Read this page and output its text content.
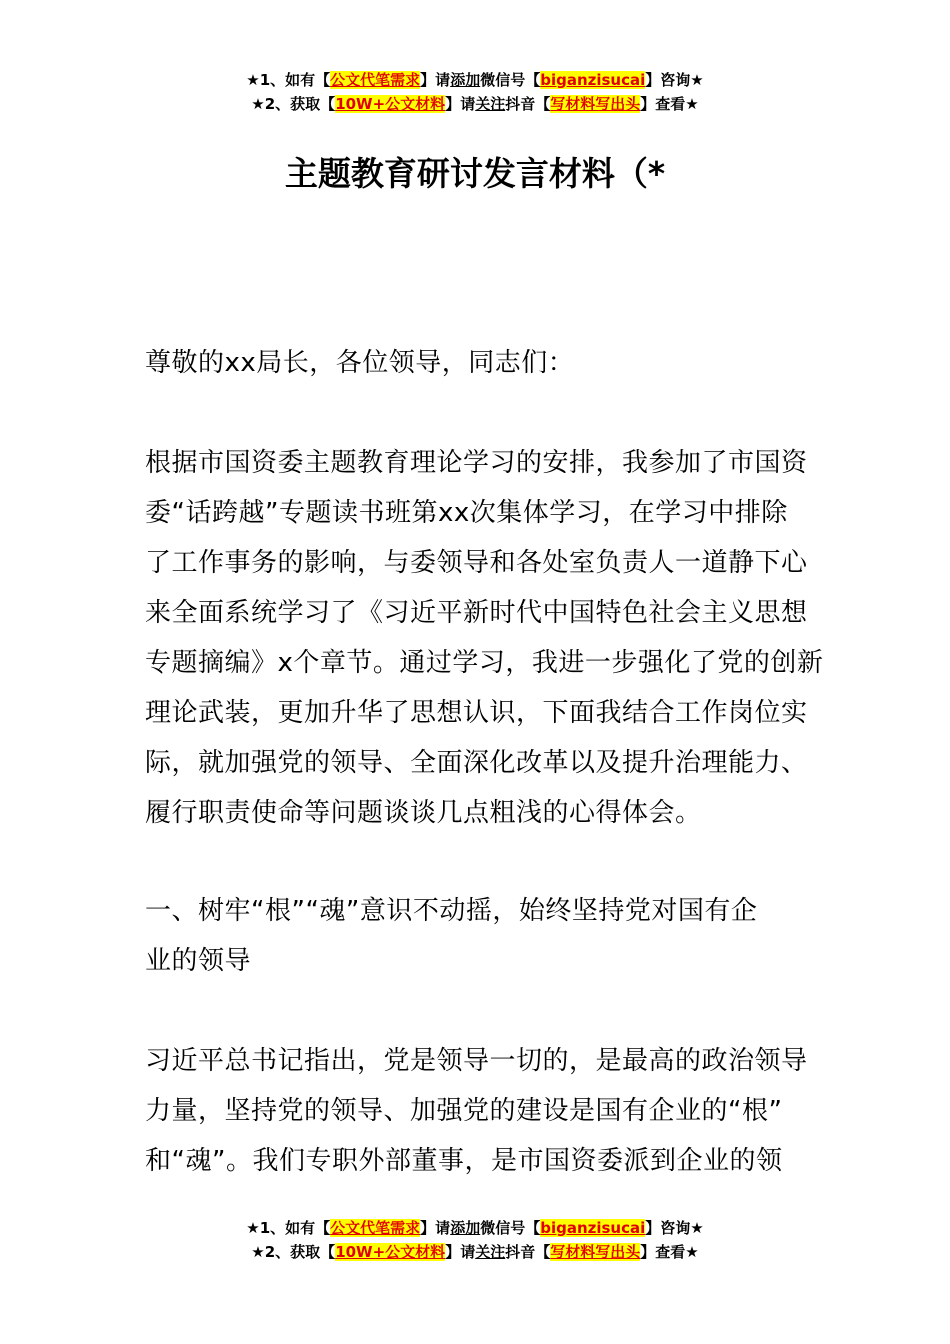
★1、如有【公文代笔需求】请添加微信号【biganzisucai】咨询★
★2、获取【10W+公文材料】请关注抖音【写材料写出头】查看★
主题教育研讨发言材料（*
尊敬的xx局长，各位领导，同志们：
根据市国资委主题教育理论学习的安排，我参加了市国资
委“话跨越”专题读书班第xx次集体学习，在学习中排除
了工作事务的影响，与委领导和各处室负责人一道静下心
来全面系统学习了《习近平新时代中国特色社会主义思想
专题摘编》x个章节。通过学习，我进一步强化了党的创新
理论武装，更加升华了思想认识，下面我结合工作岗位实
际，就加强党的领导、全面深化改革以及提升治理能力、
履行职责使命等问题谈谈几点粗浅的心得体会。
一、树牢“根”“魂”意识不动摇，始终坚持党对国有企
业的领导
习近平总书记指出，党是领导一切的，是最高的政治领导
力量，坚持党的领导、加强党的建设是国有企业的“根”
和“魂”。我们专职外部董事，是市国资委派到企业的领
★1、如有【公文代笔需求】请添加微信号【biganzisucai】咨询★
★2、获取【10W+公文材料】请关注抖音【写材料写出头】查看★
